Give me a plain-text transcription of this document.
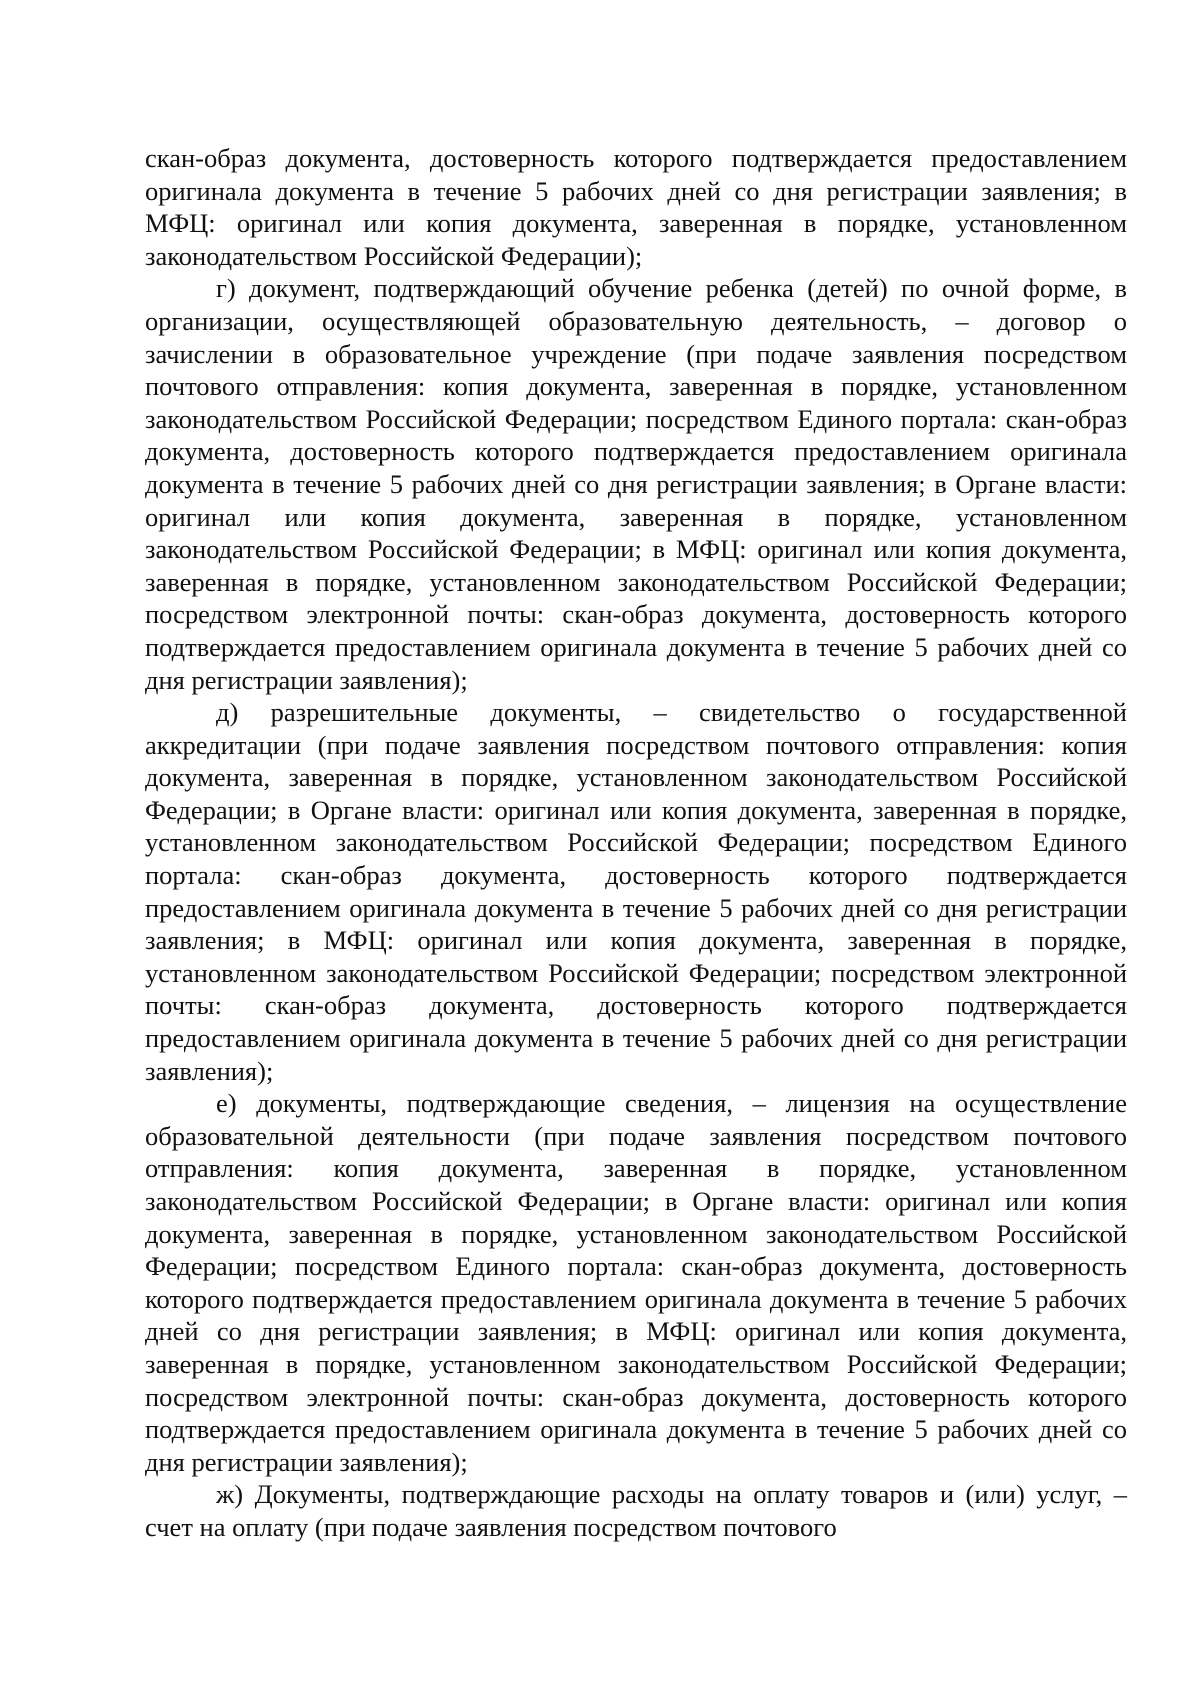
скан-образ документа, достоверность которого подтверждается предоставлением оригинала документа в течение 5 рабочих дней со дня регистрации заявления; в МФЦ: оригинал или копия документа, заверенная в порядке, установленном законодательством Российской Федерации);

г) документ, подтверждающий обучение ребенка (детей) по очной форме, в организации, осуществляющей образовательную деятельность, – договор о зачислении в образовательное учреждение (при подаче заявления посредством почтового отправления: копия документа, заверенная в порядке, установленном законодательством Российской Федерации; посредством Единого портала: скан-образ документа, достоверность которого подтверждается предоставлением оригинала документа в течение 5 рабочих дней со дня регистрации заявления; в Органе власти: оригинал или копия документа, заверенная в порядке, установленном законодательством Российской Федерации; в МФЦ: оригинал или копия документа, заверенная в порядке, установленном законодательством Российской Федерации; посредством электронной почты: скан-образ документа, достоверность которого подтверждается предоставлением оригинала документа в течение 5 рабочих дней со дня регистрации заявления);

д) разрешительные документы, – свидетельство о государственной аккредитации (при подаче заявления посредством почтового отправления: копия документа, заверенная в порядке, установленном законодательством Российской Федерации; в Органе власти: оригинал или копия документа, заверенная в порядке, установленном законодательством Российской Федерации; посредством Единого портала: скан-образ документа, достоверность которого подтверждается предоставлением оригинала документа в течение 5 рабочих дней со дня регистрации заявления; в МФЦ: оригинал или копия документа, заверенная в порядке, установленном законодательством Российской Федерации; посредством электронной почты: скан-образ документа, достоверность которого подтверждается предоставлением оригинала документа в течение 5 рабочих дней со дня регистрации заявления);

е) документы, подтверждающие сведения, – лицензия на осуществление образовательной деятельности (при подаче заявления посредством почтового отправления: копия документа, заверенная в порядке, установленном законодательством Российской Федерации; в Органе власти: оригинал или копия документа, заверенная в порядке, установленном законодательством Российской Федерации; посредством Единого портала: скан-образ документа, достоверность которого подтверждается предоставлением оригинала документа в течение 5 рабочих дней со дня регистрации заявления; в МФЦ: оригинал или копия документа, заверенная в порядке, установленном законодательством Российской Федерации; посредством электронной почты: скан-образ документа, достоверность которого подтверждается предоставлением оригинала документа в течение 5 рабочих дней со дня регистрации заявления);

ж) Документы, подтверждающие расходы на оплату товаров и (или) услуг, – счет на оплату (при подаче заявления посредством почтового
